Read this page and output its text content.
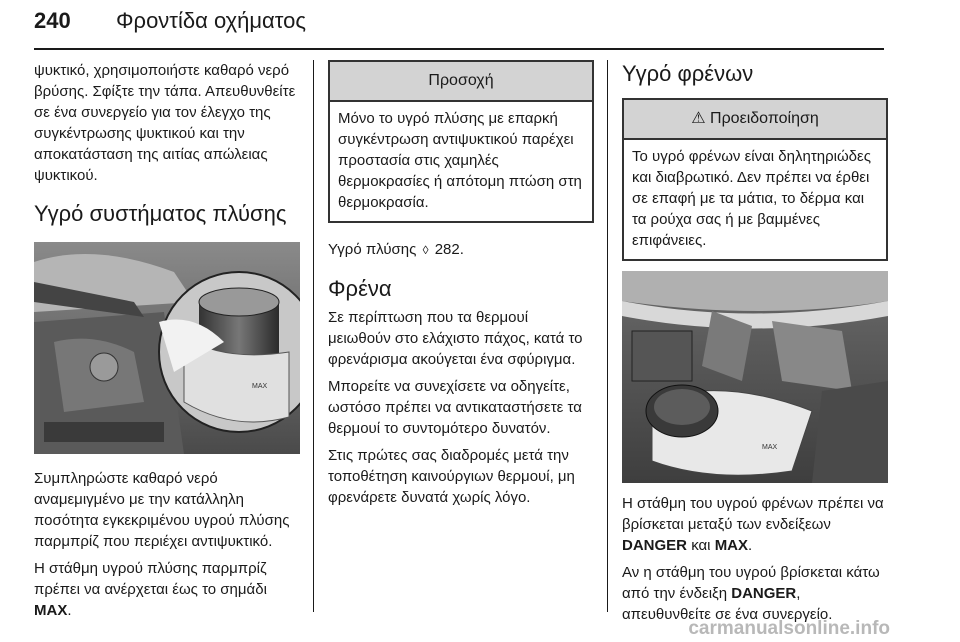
240 Φροντίδα οχήματος

ψυκτικό, χρησιμοποιήστε καθαρό νερό βρύσης. Σφίξτε την τάπα. Απευθυνθείτε σε ένα συνεργείο για τον έλεγχο της συγκέντρωσης ψυκτικού και την αποκατάσταση της αιτίας απώλειας ψυκτικού.

Υγρό συστήματος πλύσης
MAX

Συμπληρώστε καθαρό νερό αναμεμιγμένο με την κατάλληλη ποσότητα εγκεκριμένου υγρού πλύσης παρμπρίζ που περιέχει αντιψυκτικό.

Η στάθμη υγρού πλύσης παρμπρίζ πρέπει να ανέρχεται έως το σημάδι MAX.

Προσοχή
Μόνο το υγρό πλύσης με επαρκή συγκέντρωση αντιψυκτικού παρέχει προστασία στις χαμηλές θερμοκρασίες ή απότομη πτώση στη θερμοκρασία.

Υγρό πλύσης ◊ 282.

Φρένα

Σε περίπτωση που τα θερμουί μειωθούν στο ελάχιστο πάχος, κατά το φρενάρισμα ακούγεται ένα σφύριγμα.

Μπορείτε να συνεχίσετε να οδηγείτε, ωστόσο πρέπει να αντικαταστήσετε τα θερμουί το συντομότερο δυνατόν.

Στις πρώτες σας διαδρομές μετά την τοποθέτηση καινούργιων θερμουί, μη φρενάρετε δυνατά χωρίς λόγο.

Υγρό φρένων
⚠ Προειδοποίηση
Το υγρό φρένων είναι δηλητηριώδες και διαβρωτικό. Δεν πρέπει να έρθει σε επαφή με τα μάτια, το δέρμα και τα ρούχα σας ή με βαμμένες επιφάνειες.
MAX

Η στάθμη του υγρού φρένων πρέπει να βρίσκεται μεταξύ των ενδείξεων DANGER και MAX.

Αν η στάθμη του υγρού βρίσκεται κάτω από την ένδειξη DANGER, απευθυνθείτε σε ένα συνεργείο.

carmanualsonline.info
